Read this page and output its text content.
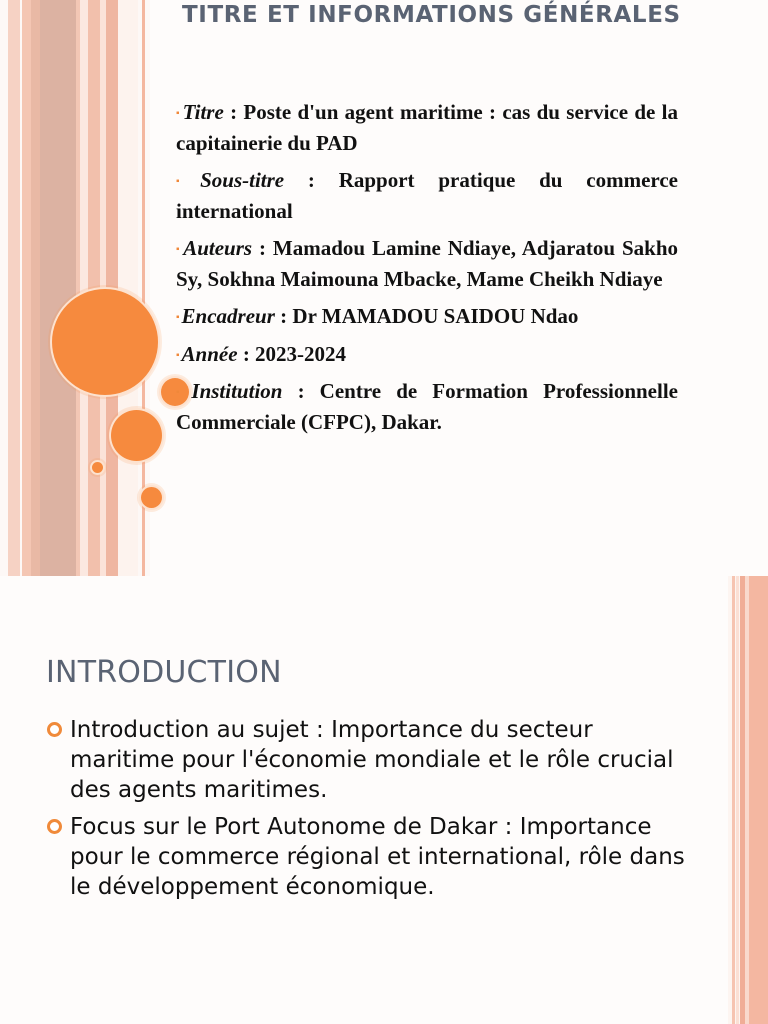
TITRE ET INFORMATIONS GÉNÉRALES
▪Titre : Poste d'un agent maritime : cas du service de la capitainerie du PAD
▪Sous-titre : Rapport pratique du commerce international
▪Auteurs : Mamadou Lamine Ndiaye, Adjaratou Sakho Sy, Sokhna Maimouna Mbacke, Mame Cheikh Ndiaye
▪Encadreur : Dr MAMADOU SAIDOU Ndao
▪Année : 2023-2024
▪Institution : Centre de Formation Professionnelle Commerciale (CFPC), Dakar.
INTRODUCTION
Introduction au sujet : Importance du secteur maritime pour l'économie mondiale et le rôle crucial des agents maritimes.
Focus sur le Port Autonome de Dakar : Importance pour le commerce régional et international, rôle dans le développement économique.
